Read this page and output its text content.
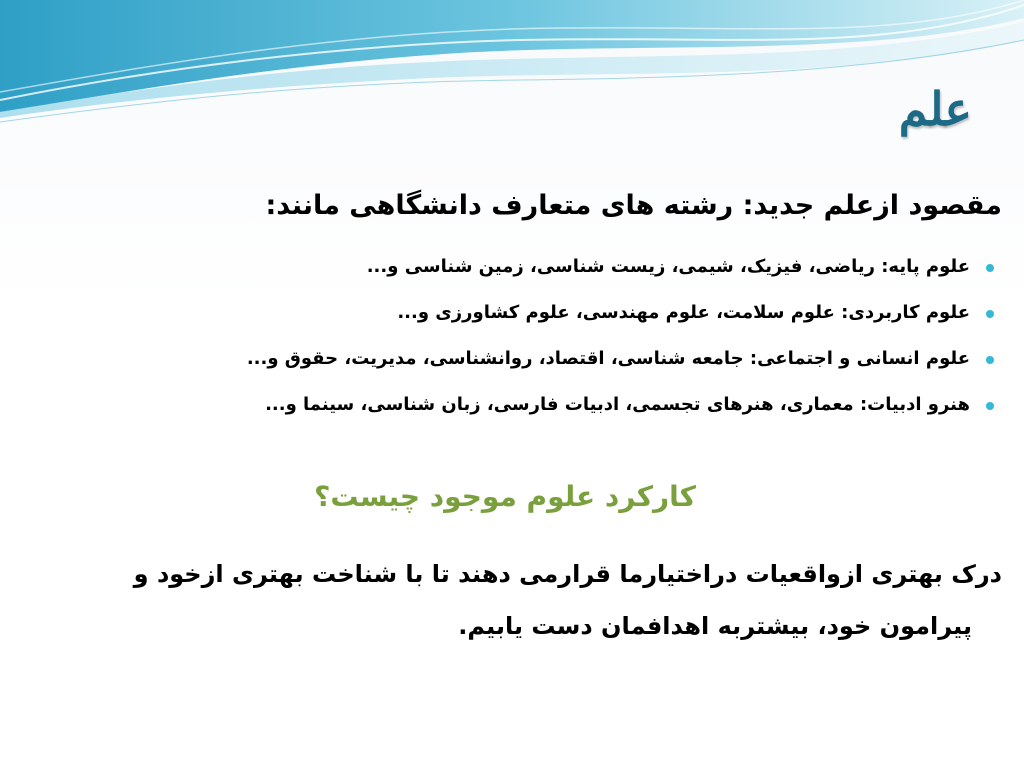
علم
مقصود ازعلم جدید: رشته های متعارف دانشگاهی مانند:
علوم پایه: ریاضی، فیزیک، شیمی، زیست شناسی، زمین شناسی و...
علوم کاربردی: علوم سلامت، علوم مهندسی، علوم کشاورزی و...
علوم انسانی و اجتماعی: جامعه شناسی، اقتصاد، روانشناسی، مدیریت، حقوق و...
هنرو ادبیات: معماری، هنرهای تجسمی، ادبیات فارسی، زبان شناسی، سینما و...
کارکرد علوم موجود چیست؟
درک بهتری ازواقعیات دراختیارما قرارمی دهند تا با شناخت بهتری ازخود و
پیرامون خود، بیشتربه اهدافمان دست یابیم.
